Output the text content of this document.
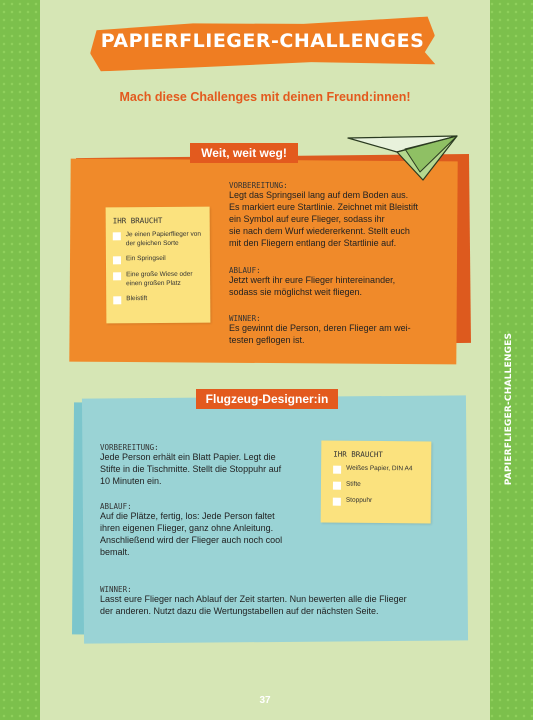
PAPIERFLIEGER-CHALLENGES
Mach diese Challenges mit deinen Freund:innen!
PAPIERFLIEGER-CHALLENGES
Weit, weit weg!
IHR BRAUCHT
Je einen Papierflieger von der gleichen Sorte
Ein Springseil
Eine große Wiese oder einen großen Platz
Bleistift
VORBEREITUNG:
Legt das Springseil lang auf dem Boden aus.
Es markiert eure Startlinie. Zeichnet mit Bleistift
ein Symbol auf eure Flieger, sodass ihr
sie nach dem Wurf wiedererkennt. Stellt euch
mit den Fliegern entlang der Startlinie auf.
ABLAUF:
Jetzt werft ihr eure Flieger hintereinander,
sodass sie möglichst weit fliegen.
WINNER:
Es gewinnt die Person, deren Flieger am wei-
testen geflogen ist.
Flugzeug-Designer:in
IHR BRAUCHT
Weißes Papier, DIN A4
Stifte
Stoppuhr
VORBEREITUNG:
Jede Person erhält ein Blatt Papier. Legt die
Stifte in die Tischmitte. Stellt die Stoppuhr auf
10 Minuten ein.
ABLAUF:
Auf die Plätze, fertig, los: Jede Person faltet
ihren eigenen Flieger, ganz ohne Anleitung.
Anschließend wird der Flieger auch noch cool
bemalt.
WINNER:
Lasst eure Flieger nach Ablauf der Zeit starten. Nun bewerten alle die Flieger
der anderen. Nutzt dazu die Wertungstabellen auf der nächsten Seite.
37
